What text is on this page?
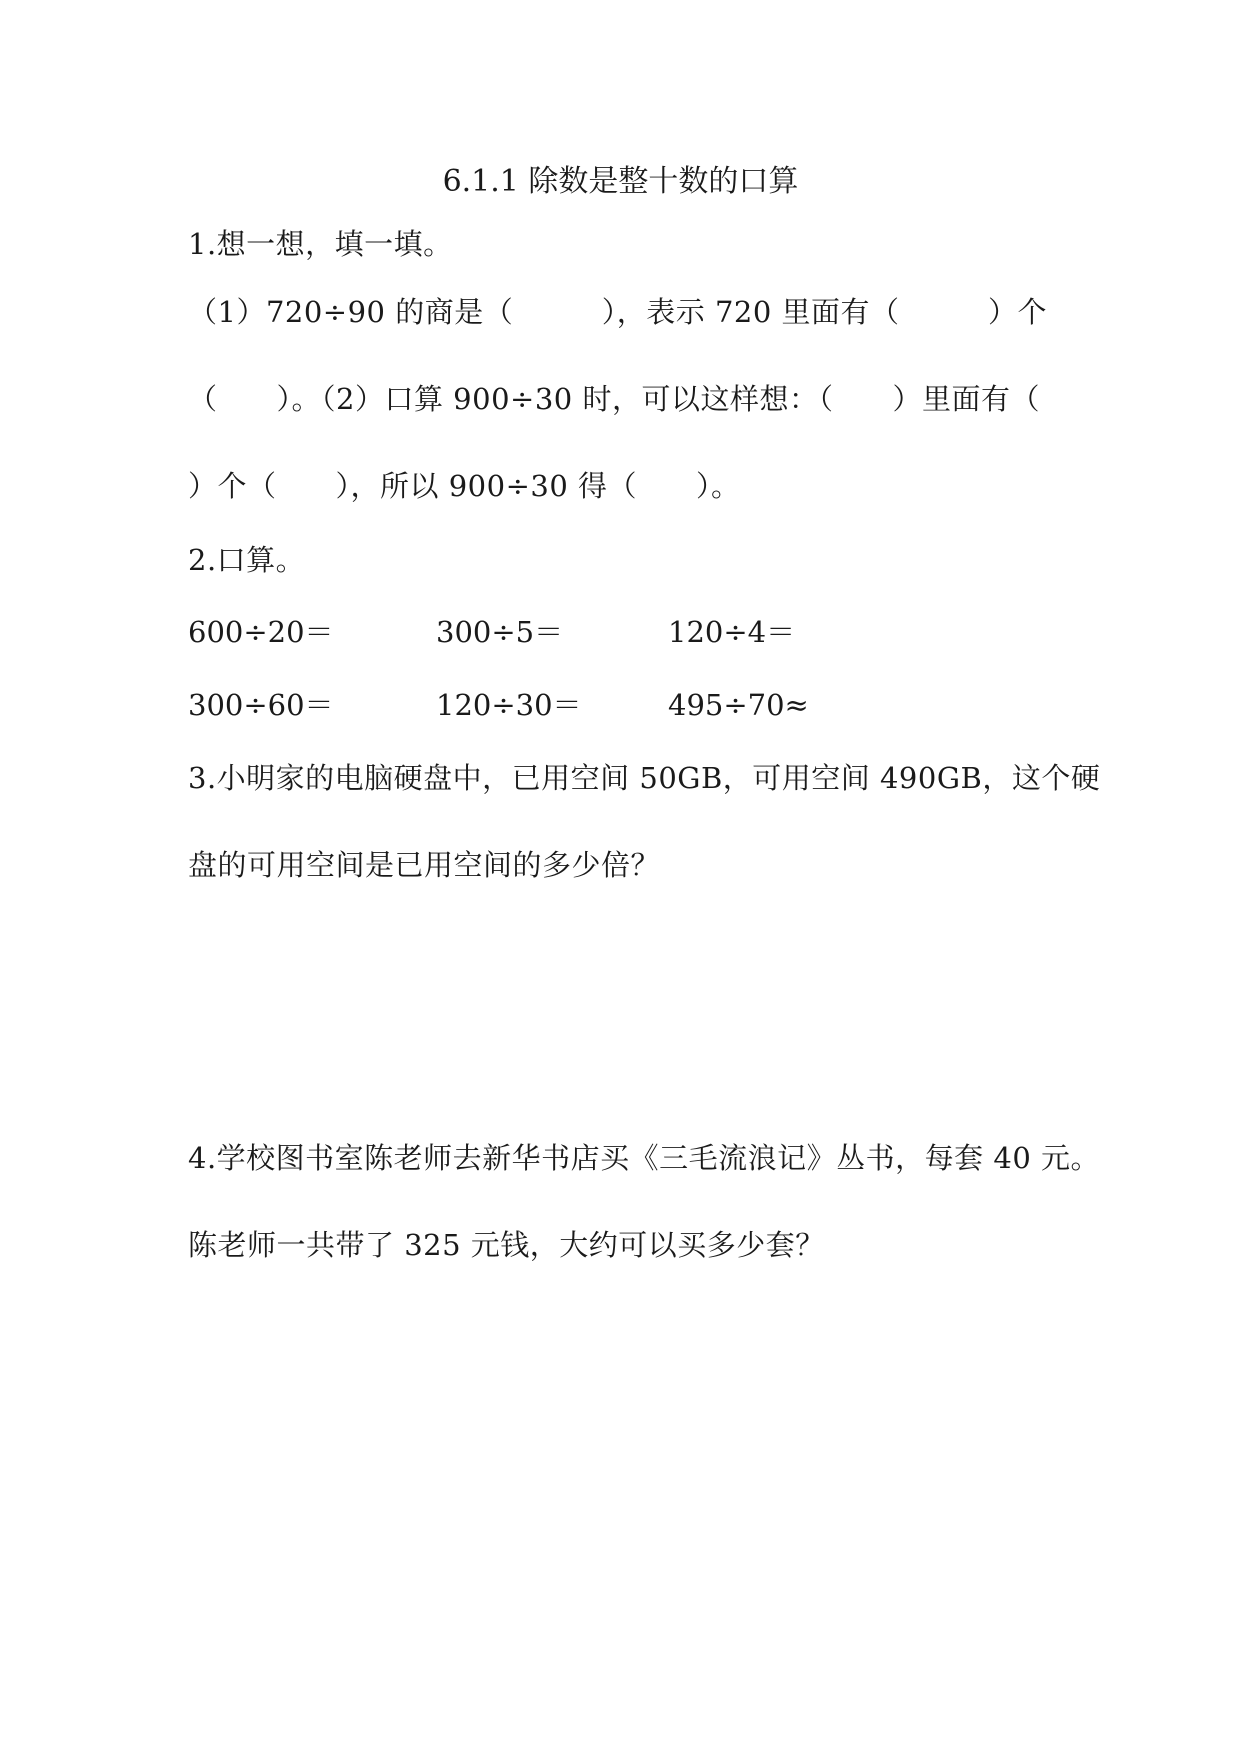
6.1.1 除数是整十数的口算
1.想一想，填一填。
（1）720÷90 的商是（　　　），表示 720 里面有（　　　）个
（　　）。（2）口算 900÷30 时，可以这样想：（　　）里面有（
）个（　　），所以 900÷30 得（　　）。
2.口算。
600÷20＝	300÷5＝	120÷4＝
300÷60＝	120÷30＝	495÷70≈
3.小明家的电脑硬盘中，已用空间 50GB，可用空间 490GB，这个硬
盘的可用空间是已用空间的多少倍？
4.学校图书室陈老师去新华书店买《三毛流浪记》丛书，每套 40 元。
陈老师一共带了 325 元钱，大约可以买多少套？
